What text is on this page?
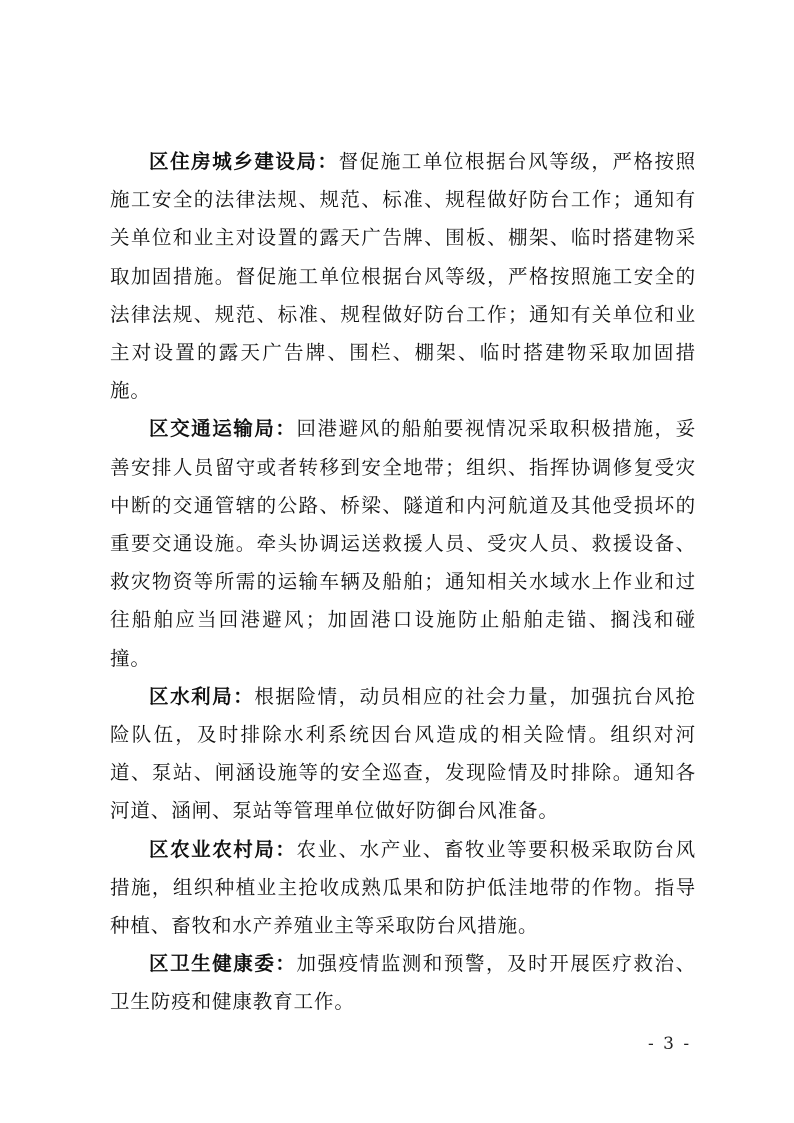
区住房城乡建设局：督促施工单位根据台风等级，严格按照施工安全的法律法规、规范、标准、规程做好防台工作；通知有关单位和业主对设置的露天广告牌、围板、棚架、临时搭建物采取加固措施。督促施工单位根据台风等级，严格按照施工安全的法律法规、规范、标准、规程做好防台工作；通知有关单位和业主对设置的露天广告牌、围栏、棚架、临时搭建物采取加固措施。

区交通运输局：回港避风的船舶要视情况采取积极措施，妥善安排人员留守或者转移到安全地带；组织、指挥协调修复受灾中断的交通管辖的公路、桥梁、隧道和内河航道及其他受损坏的重要交通设施。牵头协调运送救援人员、受灾人员、救援设备、救灾物资等所需的运输车辆及船舶；通知相关水域水上作业和过往船舶应当回港避风；加固港口设施防止船舶走锚、搁浅和碰撞。

区水利局：根据险情，动员相应的社会力量，加强抗台风抢险队伍，及时排除水利系统因台风造成的相关险情。组织对河道、泵站、闸涵设施等的安全巡查，发现险情及时排除。通知各河道、涵闸、泵站等管理单位做好防御台风准备。

区农业农村局：农业、水产业、畜牧业等要积极采取防台风措施，组织种植业主抢收成熟瓜果和防护低洼地带的作物。指导种植、畜牧和水产养殖业主等采取防台风措施。

区卫生健康委：加强疫情监测和预警，及时开展医疗救治、卫生防疫和健康教育工作。

- 3 -
